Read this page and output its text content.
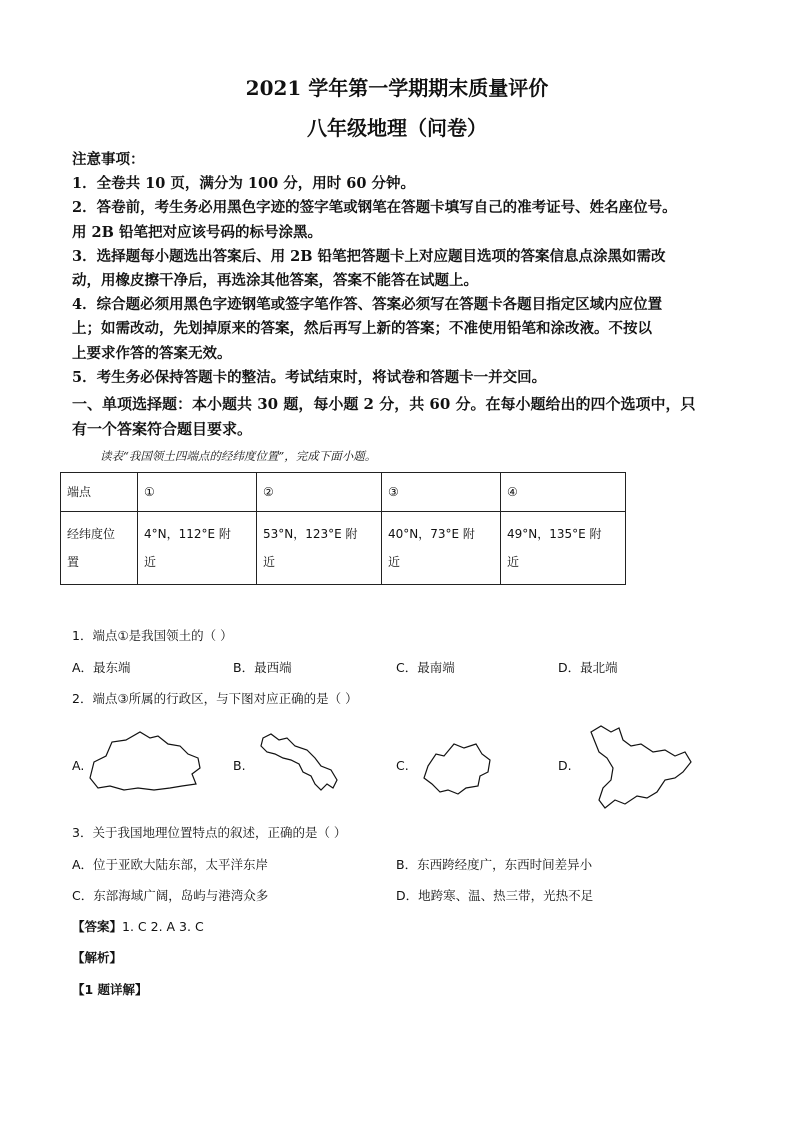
2021 学年第一学期期末质量评价
八年级地理（问卷）

注意事项：

1．全卷共 10 页，满分为 100 分，用时 60 分钟。

2．答卷前，考生务必用黑色字迹的签字笔或钢笔在答题卡填写自己的准考证号、姓名座位号。

用 2B 铅笔把对应该号码的标号涂黑。

3．选择题每小题选出答案后、用 2B 铅笔把答题卡上对应题目选项的答案信息点涂黑如需改

动，用橡皮擦干净后，再选涂其他答案，答案不能答在试题上。

4．综合题必须用黑色字迹钢笔或签字笔作答、答案必须写在答题卡各题目指定区域内应位置

上；如需改动，先划掉原来的答案，然后再写上新的答案；不准使用铅笔和涂改液。不按以

上要求作答的答案无效。

5．考生务必保持答题卡的整洁。考试结束时，将试卷和答题卡一并交回。

一、单项选择题：本小题共 30 题，每小题 2 分，共 60 分。在每小题给出的四个选项中，只

有一个答案符合题目要求。

读表“我国领土四端点的经纬度位置”，完成下面小题。
端点	①	②	③	④
经纬度位
置	4°N，112°E 附
近	53°N，123°E 附
近	40°N，73°E 附
近	49°N，135°E 附
近
1．端点①是我国领土的（ ）
A．最东端	B．最西端	C．最南端	D．最北端
2．端点③所属的行政区，与下图对应正确的是（ ）
A.	B.	C.	D.
3．关于我国地理位置特点的叙述，正确的是（ ）
A．位于亚欧大陆东部，太平洋东岸	B．东西跨经度广，东西时间差异小
C．东部海域广阔，岛屿与港湾众多	D．地跨寒、温、热三带，光热不足
【答案】1. C 2. A 3. C
【解析】
【1 题详解】
